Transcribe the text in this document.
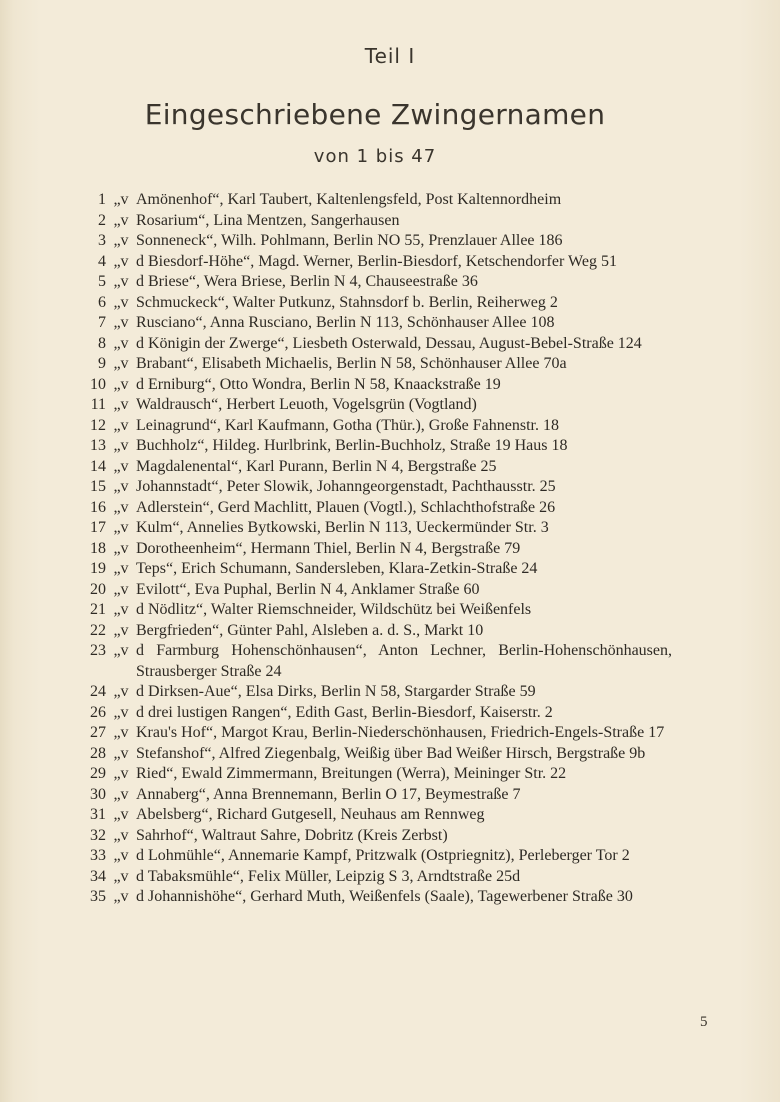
Teil I
Eingeschriebene Zwingernamen
von 1 bis 47
1 „v Amönenhof“, Karl Taubert, Kaltenlengsfeld, Post Kaltennordheim
2 „v Rosarium“, Lina Mentzen, Sangerhausen
3 „v Sonneneck“, Wilh. Pohlmann, Berlin NO 55, Prenzlauer Allee 186
4 „v d Biesdorf-Höhe“, Magd. Werner, Berlin-Biesdorf, Ketschendorfer Weg 51
5 „v d Briese“, Wera Briese, Berlin N 4, Chauseestraße 36
6 „v Schmuckeck“, Walter Putkunz, Stahnsdorf b. Berlin, Reiherweg 2
7 „v Rusciano“, Anna Rusciano, Berlin N 113, Schönhauser Allee 108
8 „v d Königin der Zwerge“, Liesbeth Osterwald, Dessau, August-Bebel-Straße 124
9 „v Brabant“, Elisabeth Michaelis, Berlin N 58, Schönhauser Allee 70a
10 „v d Erniburg“, Otto Wondra, Berlin N 58, Knaackstraße 19
11 „v Waldrausch“, Herbert Leuoth, Vogelsgrün (Vogtland)
12 „v Leinagrund“, Karl Kaufmann, Gotha (Thür.), Große Fahnenstr. 18
13 „v Buchholz“, Hildeg. Hurlbrink, Berlin-Buchholz, Straße 19 Haus 18
14 „v Magdalenental“, Karl Purann, Berlin N 4, Bergstraße 25
15 „v Johannstadt“, Peter Slowik, Johanngeorgenstadt, Pachthausstr. 25
16 „v Adlerstein“, Gerd Machlitt, Plauen (Vogtl.), Schlachthofstraße 26
17 „v Kulm“, Annelies Bytkowski, Berlin N 113, Ueckermünder Str. 3
18 „v Dorotheenheim“, Hermann Thiel, Berlin N 4, Bergstraße 79
19 „v Teps“, Erich Schumann, Sandersleben, Klara-Zetkin-Straße 24
20 „v Evilott“, Eva Puphal, Berlin N 4, Anklamer Straße 60
21 „v d Nödlitz“, Walter Riemschneider, Wildschütz bei Weißenfels
22 „v Bergfrieden“, Günter Pahl, Alsleben a. d. S., Markt 10
23 „v d Farmburg Hohenschönhausen“, Anton Lechner, Berlin-Hohenschönhausen, Strausberger Straße 24
24 „v d Dirksen-Aue“, Elsa Dirks, Berlin N 58, Stargarder Straße 59
26 „v d drei lustigen Rangen“, Edith Gast, Berlin-Biesdorf, Kaiserstr. 2
27 „v Krau's Hof“, Margot Krau, Berlin-Niederschönhausen, Friedrich-Engels-Straße 17
28 „v Stefanshof“, Alfred Ziegenbalg, Weißig über Bad Weißer Hirsch, Bergstraße 9b
29 „v Ried“, Ewald Zimmermann, Breitungen (Werra), Meininger Str. 22
30 „v Annaberg“, Anna Brennemann, Berlin O 17, Beymestraße 7
31 „v Abelsberg“, Richard Gutgesell, Neuhaus am Rennweg
32 „v Sahrhof“, Waltraut Sahre, Dobritz (Kreis Zerbst)
33 „v d Lohmühle“, Annemarie Kampf, Pritzwalk (Ostpriegnitz), Perleberger Tor 2
34 „v d Tabaksmühle“, Felix Müller, Leipzig S 3, Arndtstraße 25d
35 „v d Johannishöhe“, Gerhard Muth, Weißenfels (Saale), Tagewerbener Straße 30
5
